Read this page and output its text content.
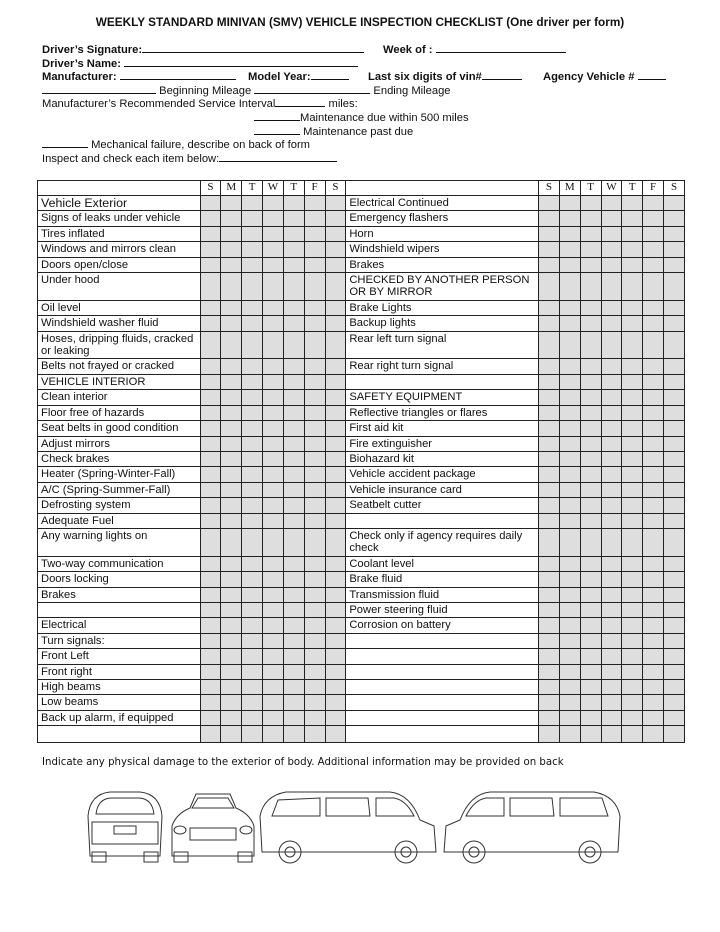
WEEKLY STANDARD MINIVAN (SMV) VEHICLE INSPECTION CHECKLIST (One driver per form)
Driver’s Signature:	Week of :
Driver’s Name:
Manufacturer:	Model Year:	Last six digits of vin#	Agency Vehicle #
Beginning Mileage	Ending Mileage
Manufacturer’s Recommended Service Interval	miles:
Maintenance due within 500 miles
Maintenance past due
Mechanical failure, describe on back of form
Inspect and check each item below:
	S	M	T	W	T	F	S		S	M	T	W	T	F	S
Vehicle Exterior								Electrical Continued							
Signs of leaks under vehicle								Emergency flashers							
Tires inflated								Horn							
Windows and mirrors clean								Windshield wipers							
Doors open/close								Brakes							
Under hood								CHECKED BY ANOTHER PERSON OR BY MIRROR							
Oil level								Brake Lights							
Windshield washer fluid								Backup lights							
Hoses, dripping fluids, cracked or leaking								Rear left turn signal							
Belts not frayed or cracked								Rear right turn signal							
VEHICLE INTERIOR															
Clean interior								SAFETY EQUIPMENT							
Floor free of hazards								Reflective triangles or flares							
Seat belts in good condition								First aid kit							
Adjust mirrors								Fire extinguisher							
Check brakes								Biohazard kit							
Heater (Spring-Winter-Fall)								Vehicle accident package							
A/C (Spring-Summer-Fall)								Vehicle insurance card							
Defrosting system								Seatbelt cutter							
Adequate Fuel															
Any warning lights on								Check only if agency requires daily check							
Two-way communication								Coolant level							
Doors locking								Brake fluid							
Brakes								Transmission fluid							
								Power steering fluid							
Electrical								Corrosion on battery							
Turn signals:															
Front Left															
Front right															
High beams															
Low beams															
Back up alarm, if equipped															

Indicate any physical damage to the exterior of body. Additional information may be provided on back
